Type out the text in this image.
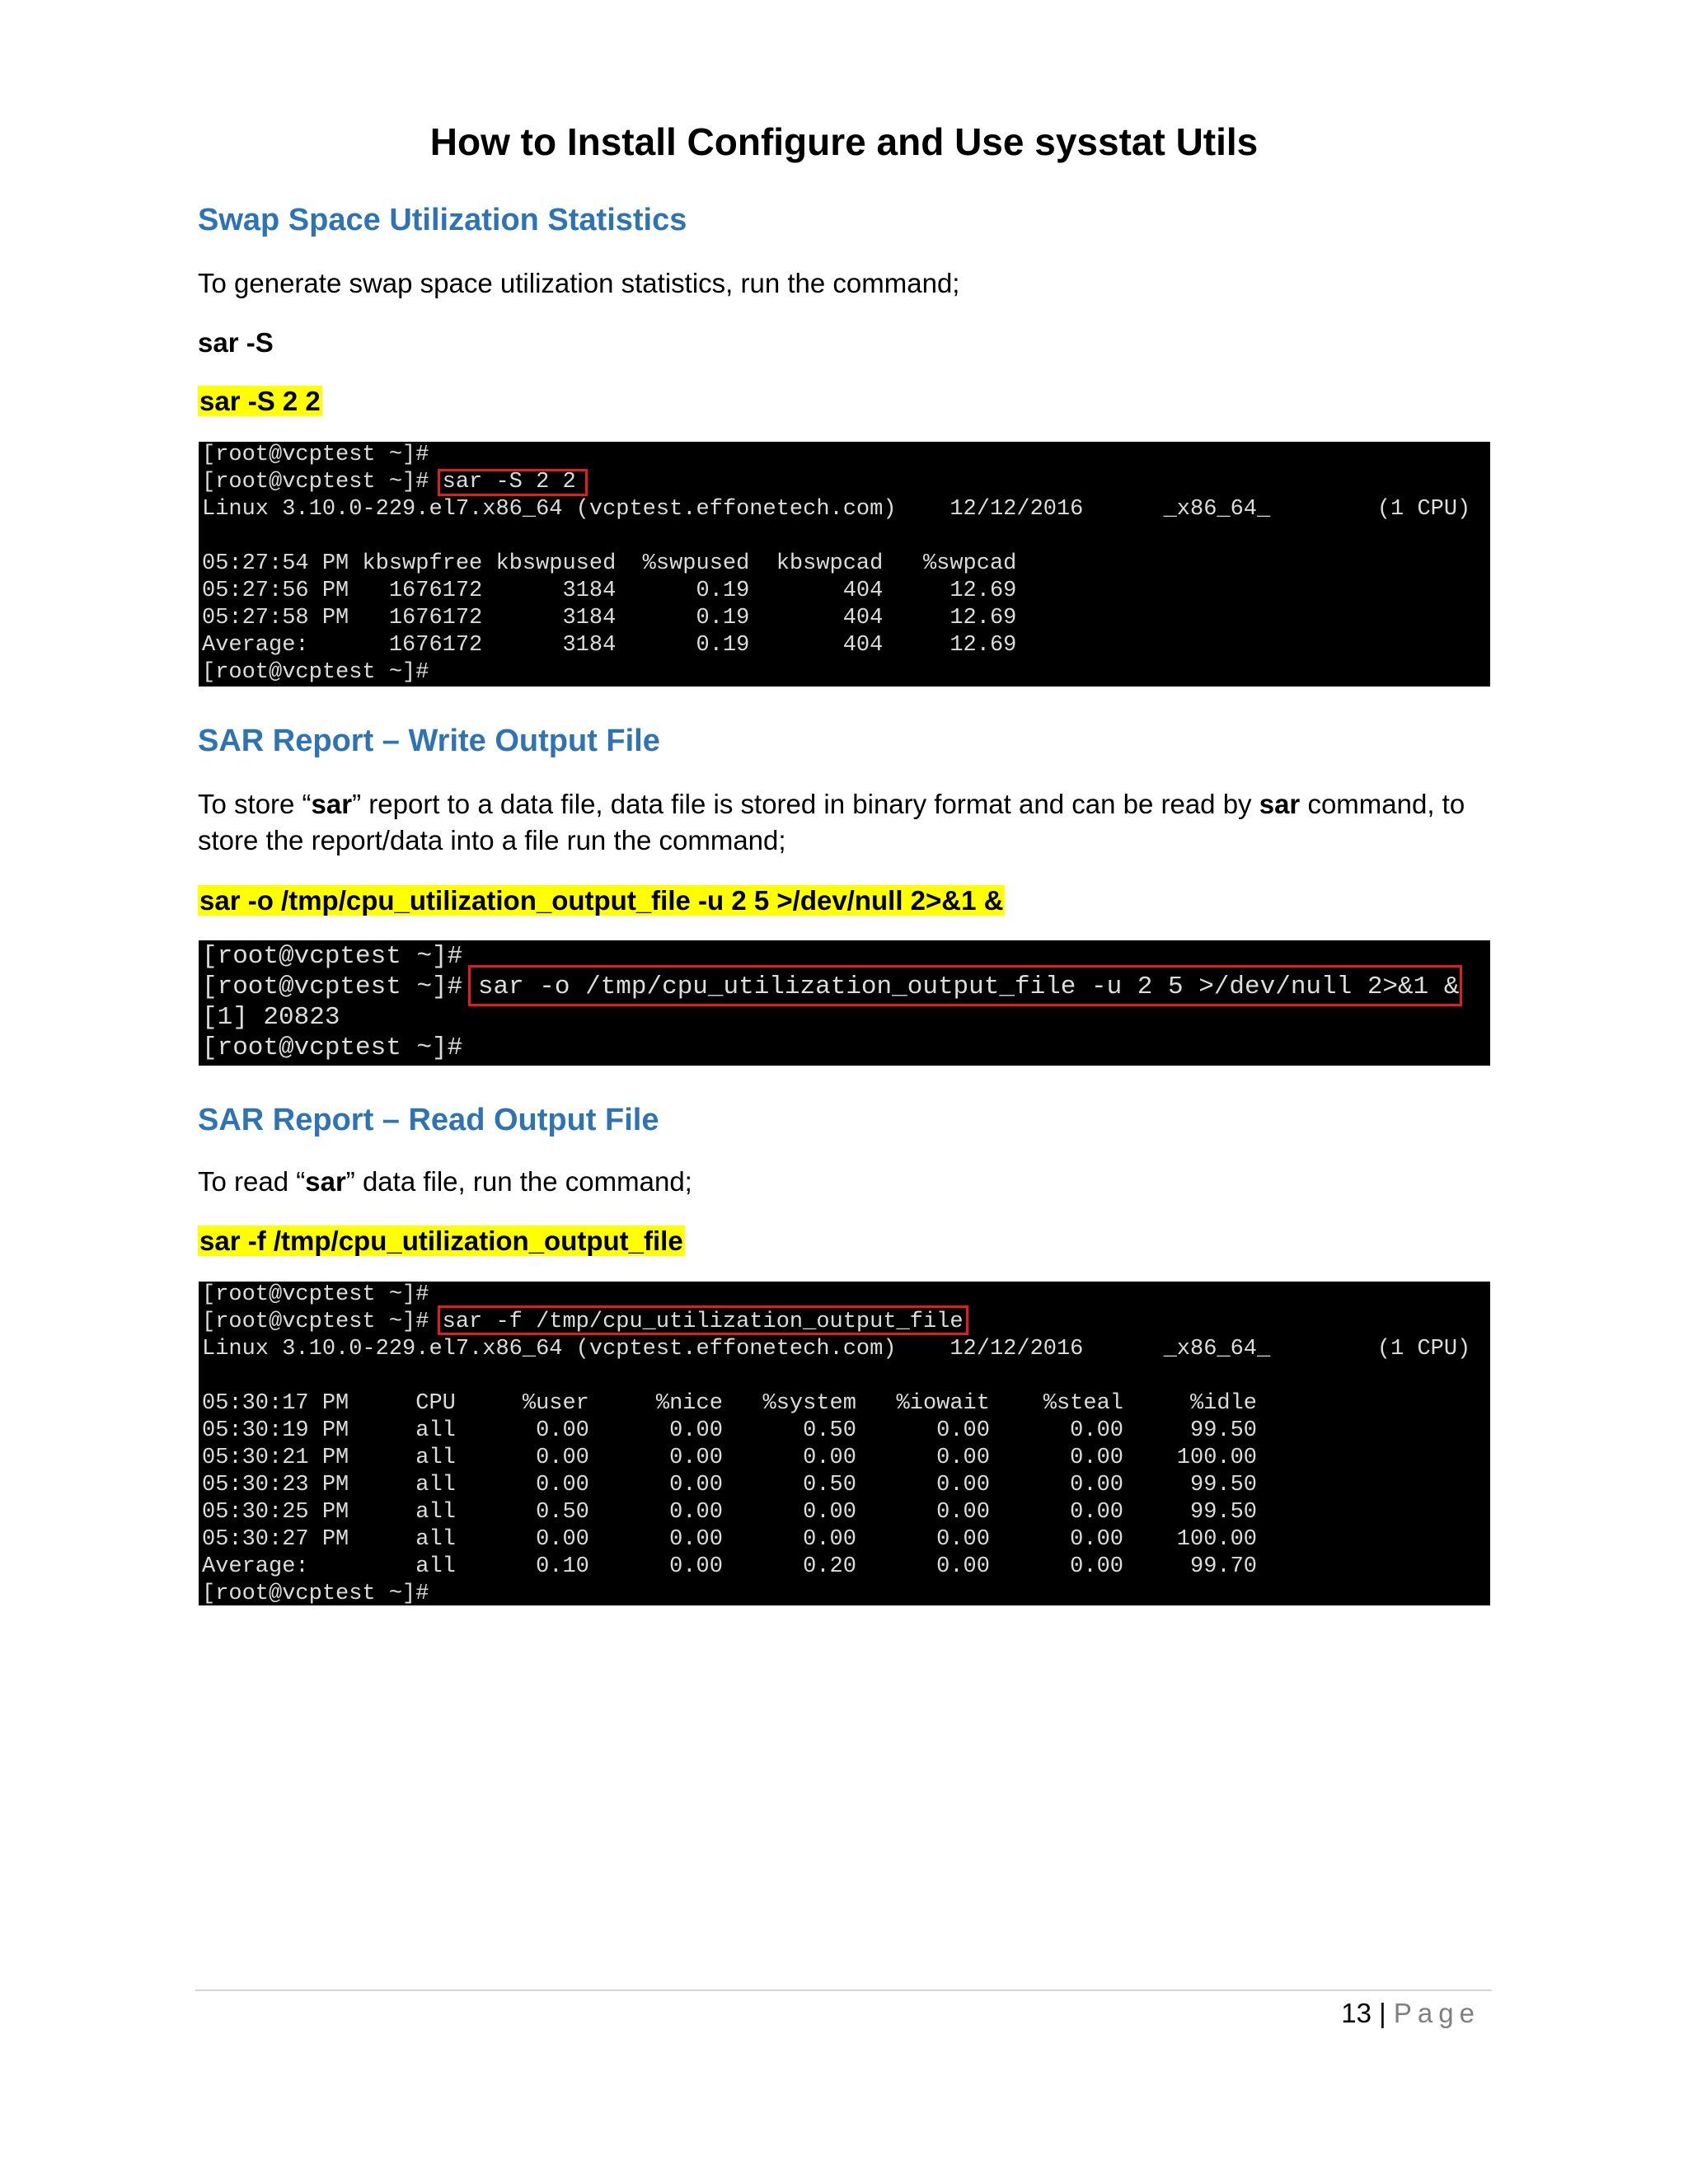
How to Install Configure and Use sysstat Utils
Swap Space Utilization Statistics
To generate swap space utilization statistics, run the command;
sar -S
sar -S 2 2
[root@vcptest ~]#
[root@vcptest ~]# sar -S 2 2
Linux 3.10.0-229.el7.x86_64 (vcptest.effonetech.com)    12/12/2016      _x86_64_        (1 CPU)
05:27:54 PM kbswpfree kbswpused  %swpused  kbswpcad   %swpcad
05:27:56 PM   1676172      3184      0.19       404     12.69
05:27:58 PM   1676172      3184      0.19       404     12.69
Average:      1676172      3184      0.19       404     12.69
[root@vcptest ~]#
SAR Report – Write Output File
To store “sar” report to a data file, data file is stored in binary format and can be read by sar command, to store the report/data into a file run the command;
sar -o /tmp/cpu_utilization_output_file -u 2 5 >/dev/null 2>&1 &
[root@vcptest ~]#
[root@vcptest ~]# sar -o /tmp/cpu_utilization_output_file -u 2 5 >/dev/null 2>&1 &
[1] 20823
[root@vcptest ~]#
SAR Report – Read Output File
To read “sar” data file, run the command;
sar -f /tmp/cpu_utilization_output_file
[root@vcptest ~]#
[root@vcptest ~]# sar -f /tmp/cpu_utilization_output_file
Linux 3.10.0-229.el7.x86_64 (vcptest.effonetech.com)    12/12/2016      _x86_64_        (1 CPU)
05:30:17 PM     CPU     %user     %nice   %system   %iowait    %steal     %idle
05:30:19 PM     all      0.00      0.00      0.50      0.00      0.00     99.50
05:30:21 PM     all      0.00      0.00      0.00      0.00      0.00    100.00
05:30:23 PM     all      0.00      0.00      0.50      0.00      0.00     99.50
05:30:25 PM     all      0.50      0.00      0.00      0.00      0.00     99.50
05:30:27 PM     all      0.00      0.00      0.00      0.00      0.00    100.00
Average:        all      0.10      0.00      0.20      0.00      0.00     99.70
[root@vcptest ~]#
13 | Page
